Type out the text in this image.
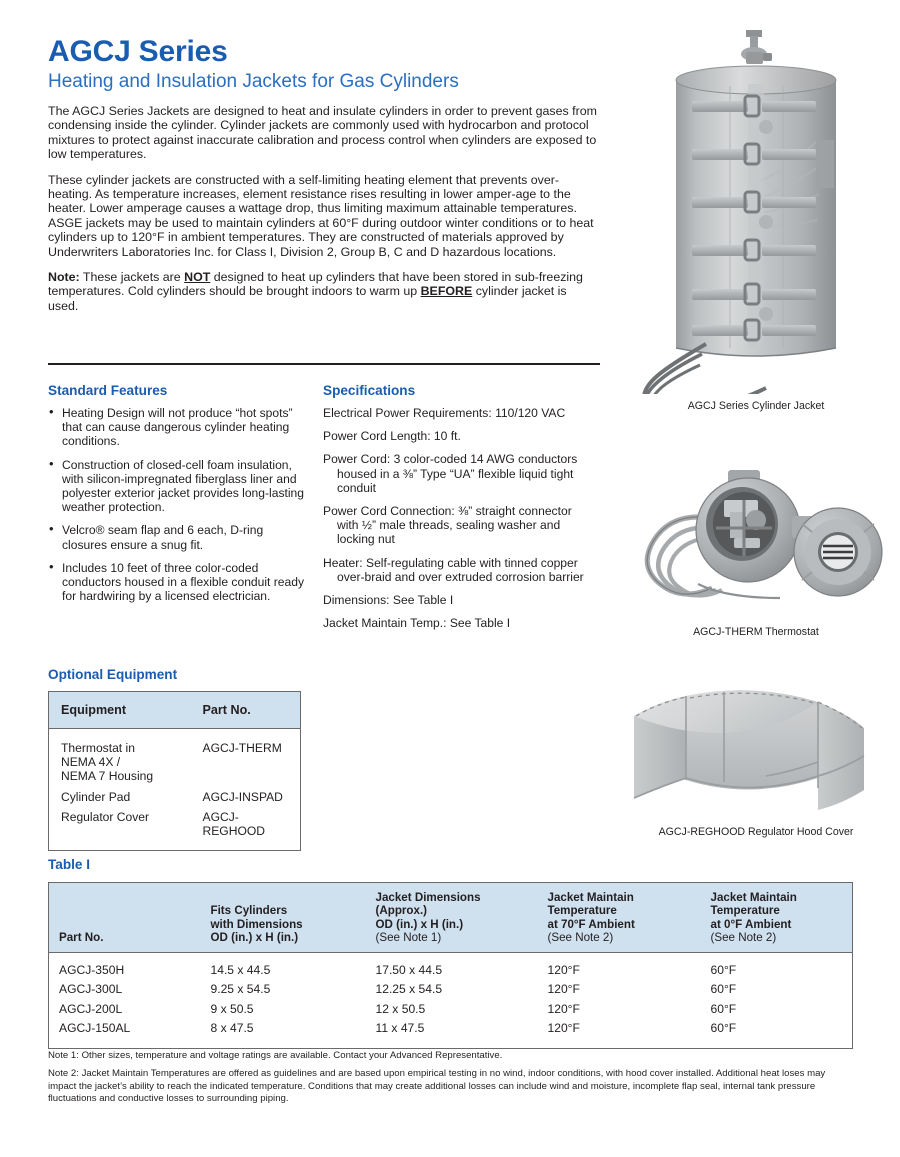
AGCJ Series
Heating and Insulation Jackets for Gas Cylinders

The AGCJ Series Jackets are designed to heat and insulate cylinders in order to prevent gases from condensing inside the cylinder. Cylinder jackets are commonly used with hydrocarbon and protocol mixtures to protect against inaccurate calibration and process control when cylinders are exposed to low temperatures.

These cylinder jackets are constructed with a self-limiting heating element that prevents over-heating. As temperature increases, element resistance rises resulting in lower amper-age to the heater. Lower amperage causes a wattage drop, thus limiting maximum attainable temperatures. ASGE jackets may be used to maintain cylinders at 60°F during outdoor winter conditions or to heat cylinders up to 120°F in ambient temperatures. They are constructed of materials approved by Underwriters Laboratories Inc. for Class I, Division 2, Group B, C and D hazardous locations.

Note: These jackets are NOT designed to heat up cylinders that have been stored in sub-freezing temperatures. Cold cylinders should be brought indoors to warm up BEFORE cylinder jacket is used.

Standard Features
• Heating Design will not produce “hot spots” that can cause dangerous cylinder heating conditions.
• Construction of closed-cell foam insulation, with silicon-impregnated fiberglass liner and polyester exterior jacket provides long-lasting weather protection.
• Velcro® seam flap and 6 each, D-ring closures ensure a snug fit.
• Includes 10 feet of three color-coded conductors housed in a flexible conduit ready for hardwiring by a licensed electrician.
Specifications
Electrical Power Requirements: 110/120 VAC
Power Cord Length: 10 ft.
Power Cord: 3 color-coded 14 AWG conductors housed in a ⅜” Type “UA” flexible liquid tight conduit
Power Cord Connection: ⅜” straight connector with ½” male threads, sealing washer and locking nut
Heater: Self-regulating cable with tinned copper over-braid and over extruded corrosion barrier
Dimensions: See Table I
Jacket Maintain Temp.: See Table I
Optional Equipment
Equipment	Part No.
Thermostat in
NEMA 4X /
NEMA 7 Housing	AGCJ-THERM
Cylinder Pad	AGCJ-INSPAD
Regulator Cover	AGCJ- REGHOOD
Table I
Part No.	Fits Cylinders
with Dimensions
OD (in.) x H (in.)	Jacket Dimensions
(Approx.)
OD (in.) x H (in.)
(See Note 1)	Jacket Maintain
Temperature
at 70°F Ambient
(See Note 2)	Jacket Maintain
Temperature
at 0°F Ambient
(See Note 2)

AGCJ-350H	14.5 x 44.5	17.50 x 44.5	120°F	60°F
AGCJ-300L	9.25 x 54.5	12.25 x 54.5	120°F	60°F
AGCJ-200L	9 x 50.5	12 x 50.5	120°F	60°F
AGCJ-150AL	8 x 47.5	11 x 47.5	120°F	60°F

Note 1: Other sizes, temperature and voltage ratings are available. Contact your Advanced Representative.

Note 2: Jacket Maintain Temperatures are offered as guidelines and are based upon empirical testing in no wind, indoor conditions, with hood cover installed. Additional heat loses may impact the jacket’s ability to reach the indicated temperature. Conditions that may create additional losses can include wind and moisture, incomplete flap seal, internal tank pressure fluctuations and conductive losses to surrounding piping.

AGCJ Series Cylinder Jacket
AGCJ-THERM Thermostat
AGCJ-REGHOOD Regulator Hood Cover
